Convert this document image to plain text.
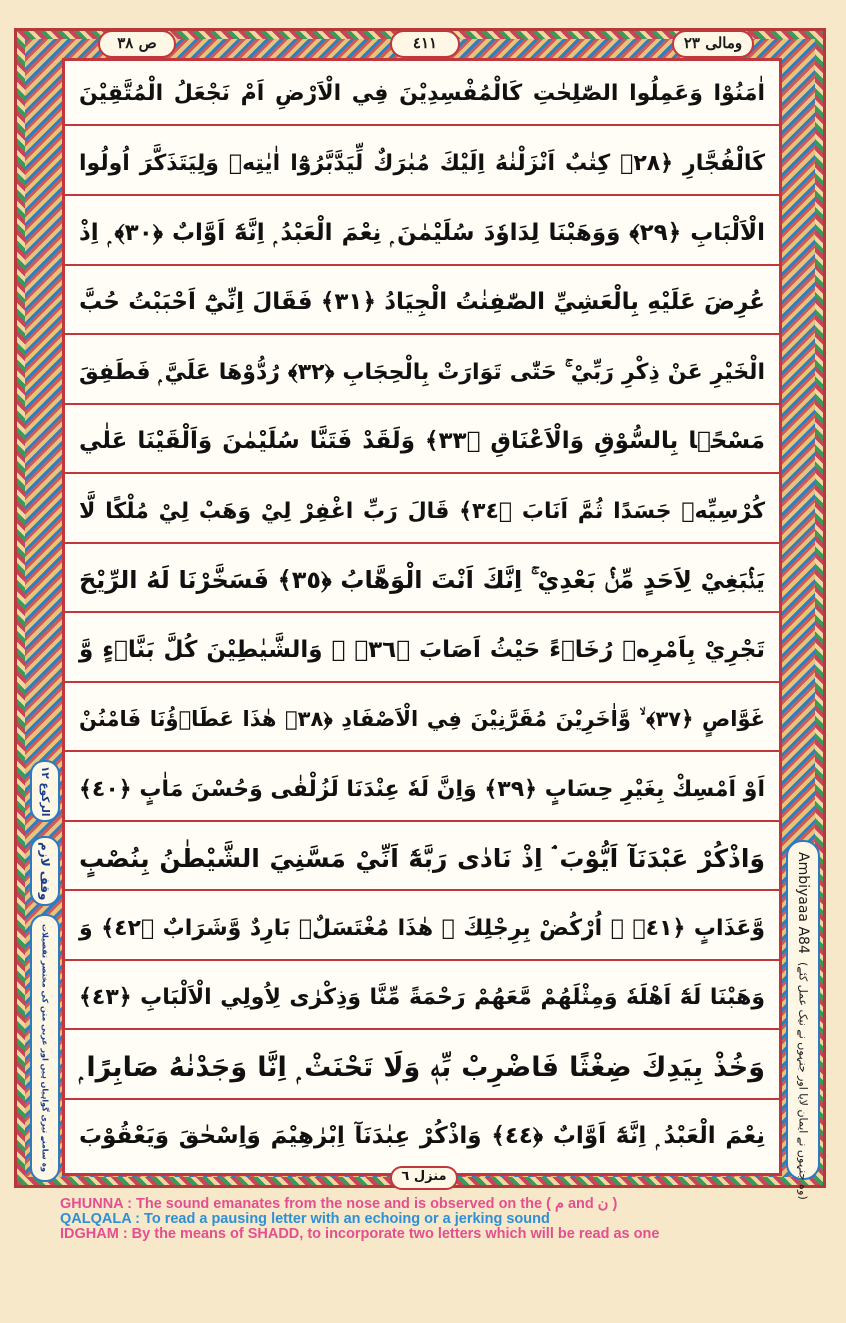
ومالی ٢٣
٤١١
ص ٣٨
اٰمَنُوْا وَعَمِلُوا الصّٰلِحٰتِ كَالْمُفْسِدِيْنَ فِي الْاَرْضِ اَمْ نَجْعَلُ الْمُتَّقِيْنَ
كَالْفُجَّارِ ﴿٢٨﴾ كِتٰبٌ اَنْزَلْنٰهُ اِلَيْكَ مُبٰرَكٌ لِّيَدَّبَّرُوْٓا اٰيٰتِهٖ وَلِيَتَذَكَّرَ اُولُوا
الْاَلْبَابِ ﴿٢٩﴾ وَوَهَبْنَا لِدَاوٗدَ سُلَيْمٰنَ ۭ نِعْمَ الْعَبْدُ ۭ اِنَّهٗٓ اَوَّابٌ ﴿٣٠﴾ ۭ اِذْ
عُرِضَ عَلَيْهِ بِالْعَشِيِّ الصّٰفِنٰتُ الْجِيَادُ ﴿٣١﴾ فَقَالَ اِنِّيْٓ اَحْبَبْتُ حُبَّ
الْخَيْرِ عَنْ ذِكْرِ رَبِّيْ ۚ حَتّٰى تَوَارَتْ بِالْحِجَابِ ﴿٣٢﴾ رُدُّوْهَا عَلَيَّ ۭ فَطَفِقَ
مَسْحًۢا بِالسُّوْقِ وَالْاَعْنَاقِ ﴿٣٣﴾ وَلَقَدْ فَتَنَّا سُلَيْمٰنَ وَاَلْقَيْنَا عَلٰي
كُرْسِيِّهٖ جَسَدًا ثُمَّ اَنَابَ ﴿٣٤﴾ قَالَ رَبِّ اغْفِرْ لِيْ وَهَبْ لِيْ مُلْكًا لَّا
يَنْۢبَغِيْ لِاَحَدٍ مِّنْۢ بَعْدِيْ ۚ اِنَّكَ اَنْتَ الْوَهَّابُ ﴿٣٥﴾ فَسَخَّرْنَا لَهُ الرِّيْحَ
تَجْرِيْ بِاَمْرِهٖ رُخَاۗءً حَيْثُ اَصَابَ ﴿٣٦﴾ ۙ وَالشَّيٰطِيْنَ كُلَّ بَنَّاۗءٍ وَّ
غَوَّاصٍ ﴿٣٧﴾ ۙ وَّاٰخَرِيْنَ مُقَرَّنِيْنَ فِي الْاَصْفَادِ ﴿٣٨﴾ هٰذَا عَطَاۗؤُنَا فَامْنُنْ
اَوْ اَمْسِكْ بِغَيْرِ حِسَابٍ ﴿٣٩﴾ وَاِنَّ لَهٗ عِنْدَنَا لَزُلْفٰى وَحُسْنَ مَاٰبٍ ﴿٤٠﴾
وَاذْكُرْ عَبْدَنَآ اَيُّوْبَ ۘ اِذْ نَادٰى رَبَّهٗٓ اَنِّيْ مَسَّنِيَ الشَّيْطٰنُ بِنُصْبٍ
وَّعَذَابٍ ﴿٤١﴾ ۭ اُرْكُضْ بِرِجْلِكَ ۚ هٰذَا مُغْتَسَلٌۢ بَارِدٌ وَّشَرَابٌ ﴿٤٢﴾ وَ
وَهَبْنَا لَهٗٓ اَهْلَهٗ وَمِثْلَهُمْ مَّعَهُمْ رَحْمَةً مِّنَّا وَذِكْرٰى لِاُولِي الْاَلْبَابِ ﴿٤٣﴾
وَخُذْ بِيَدِكَ ضِغْثًا فَاضْرِبْ بِّهٖ وَلَا تَحْنَثْ ۭ اِنَّا وَجَدْنٰهُ صَابِرًا ۭ
نِعْمَ الْعَبْدُ ۭ اِنَّهٗٓ اَوَّابٌ ﴿٤٤﴾ وَاذْكُرْ عِبٰدَنَآ اِبْرٰهِيْمَ وَاِسْحٰقَ وَيَعْقُوْبَ
الرکوع ١٢
وقف لازم
وہ سامنے تیری گواہیاں ہیں اور عربی متن کی مختصر تفصیلات
Ambiyaaa A84
(وہ جنہوں نے ایمان لایا اور جنہوں نے نیک عمل کئے)
منزل ٦
GHUNNA : The sound emanates from the nose and is observed on the ( م and ن )
QALQALA : To read a pausing letter with an echoing or a jerking sound
IDGHAM : By the means of SHADD, to incorporate two letters which will be read as one
